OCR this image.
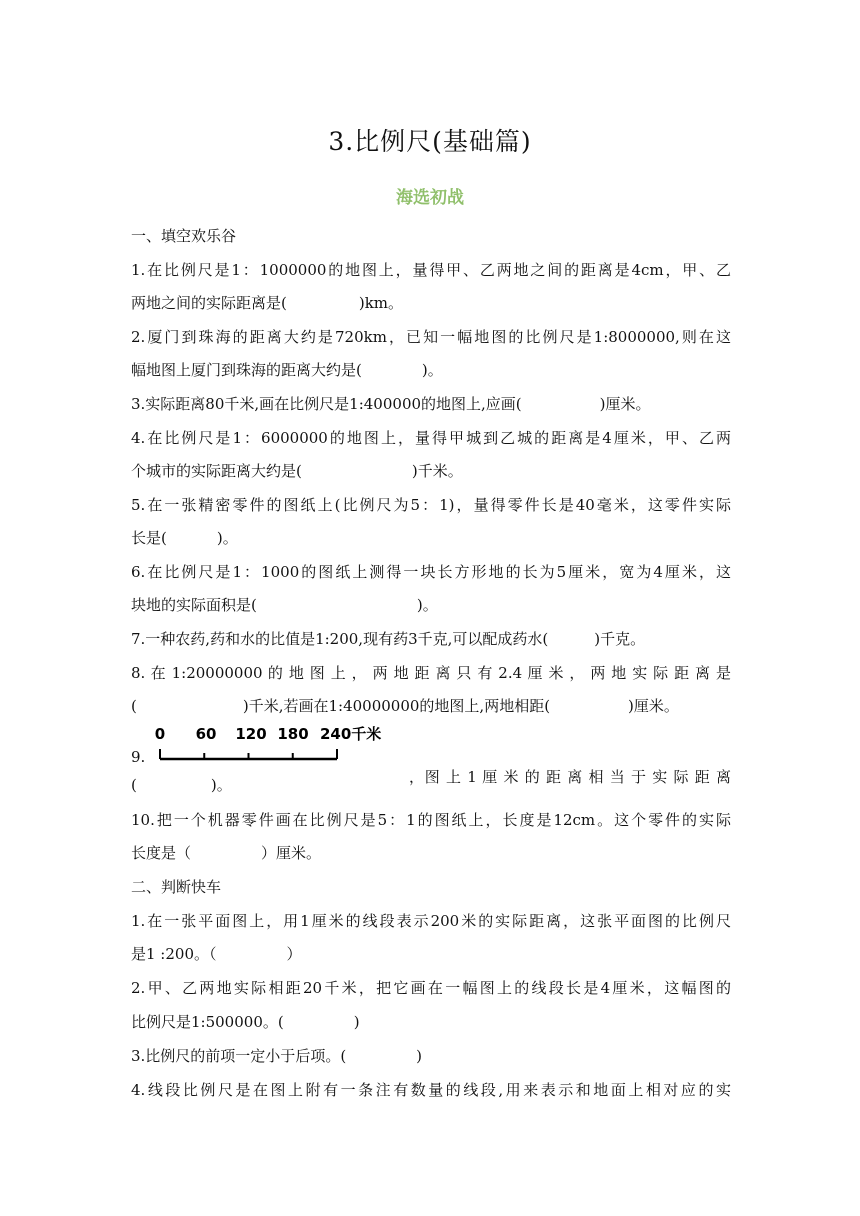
3.比例尺(基础篇)
海选初战
一、填空欢乐谷
1.在比例尺是1：1000000的地图上，量得甲、乙两地之间的距离是4cm，甲、乙
两地之间的实际距离是(	)km。
2.厦门到珠海的距离大约是720km，已知一幅地图的比例尺是1:8000000,则在这
幅地图上厦门到珠海的距离大约是(	)。
3.实际距离80千米,画在比例尺是1:400000的地图上,应画(	)厘米。
4.在比例尺是1：6000000的地图上，量得甲城到乙城的距离是4厘米，甲、乙两
个城市的实际距离大约是(	)千米。
5.在一张精密零件的图纸上(比例尺为5：1)，量得零件长是40毫米，这零件实际
长是(	)。
6.在比例尺是1：1000的图纸上测得一块长方形地的长为5厘米，宽为4厘米，这
块地的实际面积是(	)。
7.一种农药,药和水的比值是1:200,现有药3千克,可以配成药水(	)千克。
8. 在 1:20000000 的 地 图 上 ， 两 地 距 离 只 有 2.4 厘 米 ， 两 地 实 际 距 离 是
(	)千米,若画在1:40000000的地图上,两地相距(	)厘米。
0 60 120 180 240千米
9.
，图 上 1 厘 米 的 距 离 相 当 于 实 际 距 离
(	)。
10.把一个机器零件画在比例尺是5：1的图纸上，长度是12cm。这个零件的实际
长度是（	）厘米。
二、判断快车
1.在一张平面图上，用1厘米的线段表示200米的实际距离，这张平面图的比例尺
是1 :200。（	）
2.甲、乙两地实际相距20千米，把它画在一幅图上的线段长是4厘米，这幅图的
比例尺是1:500000。(	)
3.比例尺的前项一定小于后项。(	)
4.线段比例尺是在图上附有一条注有数量的线段,用来表示和地面上相对应的实
